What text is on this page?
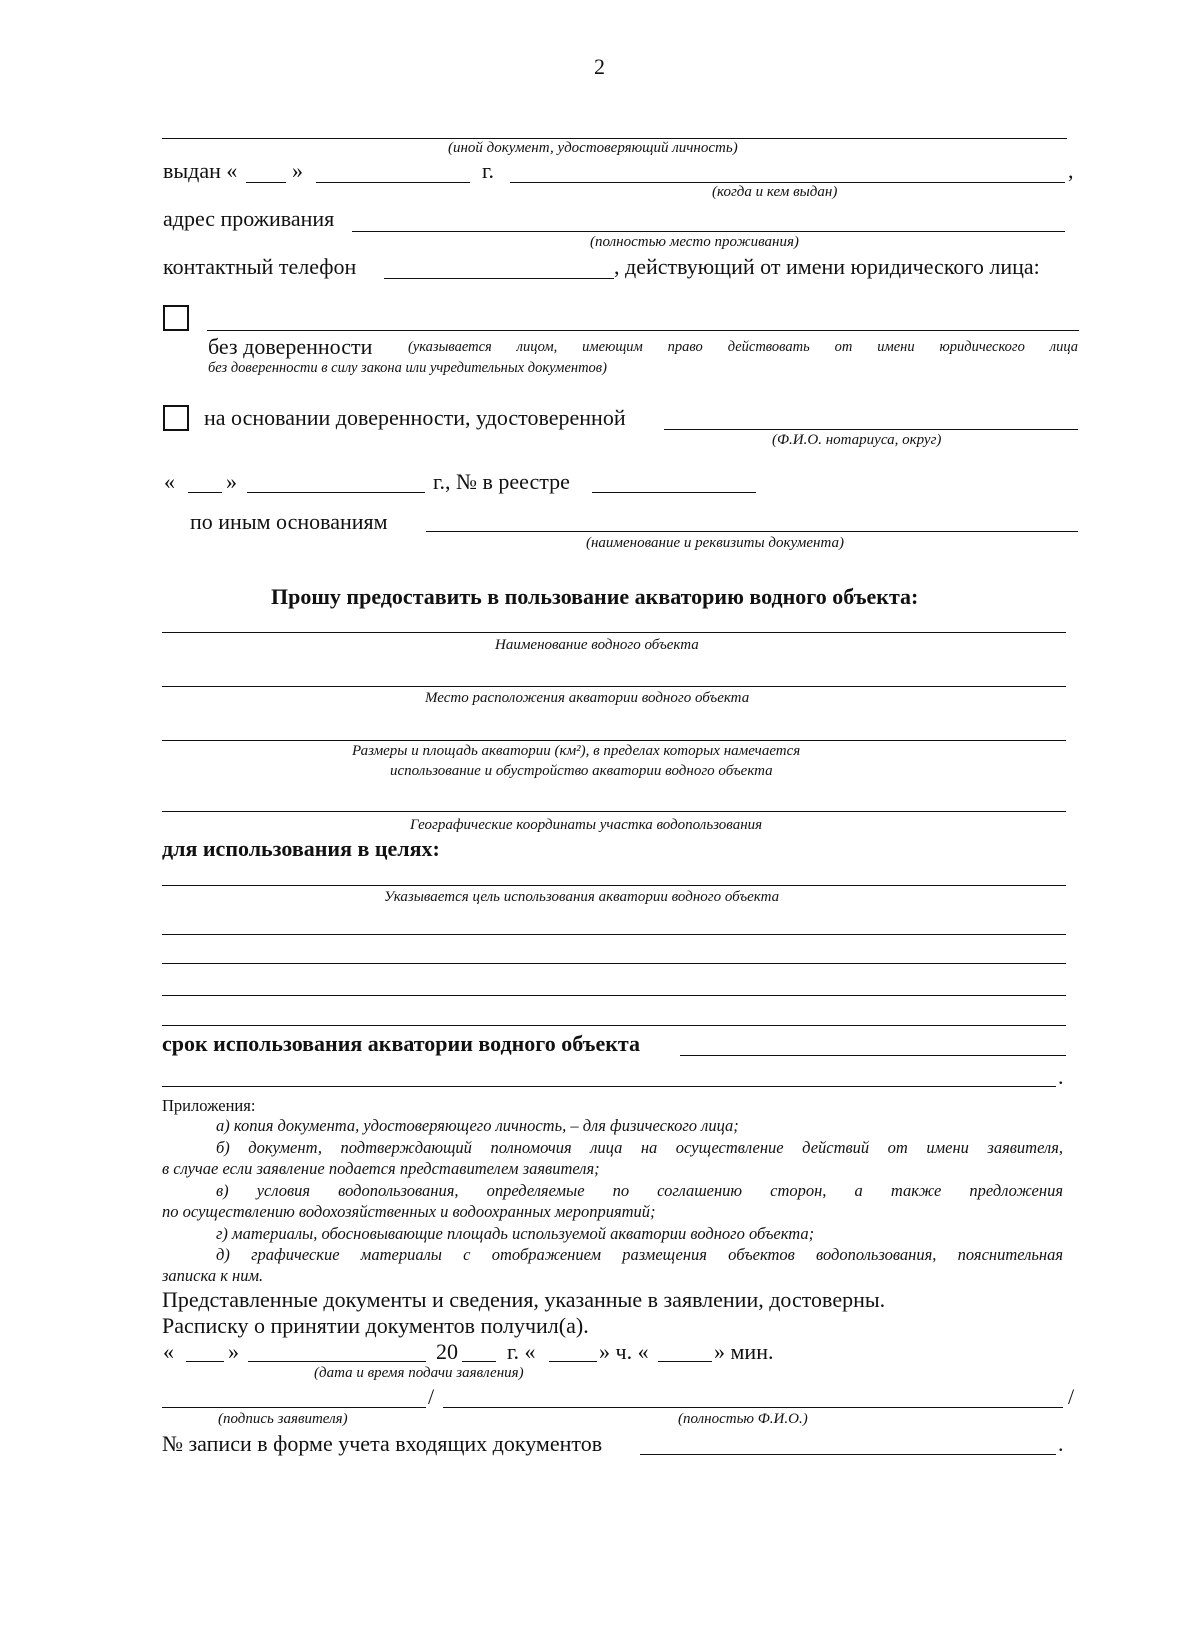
2
(иной документ, удостоверяющий личность)
выдан « »	г.	,
(когда и кем выдан)
адрес проживания
(полностью место проживания)
контактный телефон	, действующий от имени юридического лица:
без доверенности (указывается лицом, имеющим право действовать от имени юридического лица
без доверенности в силу закона или учредительных документов)
на основании доверенности, удостоверенной
(Ф.И.О. нотариуса, округ)
« »	г., № в реестре
по иным основаниям
(наименование и реквизиты документа)
Прошу предоставить в пользование акваторию водного объекта:
Наименование водного объекта
Место расположения акватории водного объекта
Размеры и площадь акватории (км²), в пределах которых намечается
использование и обустройство акватории водного объекта
Географические координаты участка водопользования
для использования в целях:
Указывается цель использования акватории водного объекта
срок использования акватории водного объекта
.
Приложения:
а) копия документа, удостоверяющего личность, – для физического лица;
б) документ, подтверждающий полномочия лица на осуществление действий от имени заявителя,
в случае если заявление подается представителем заявителя;
в) условия водопользования, определяемые по соглашению сторон, а также предложения
по осуществлению водохозяйственных и водоохранных мероприятий;
г) материалы, обосновывающие площадь используемой акватории водного объекта;
д) графические материалы с отображением размещения объектов водопользования, пояснительная
записка к ним.
Представленные документы и сведения, указанные в заявлении, достоверны.
Расписку о принятии документов получил(а).
« »	20 г. «	» ч. «	» мин.
(дата и время подачи заявления)
/	/
(подпись заявителя)	(полностью Ф.И.О.)
№ записи в форме учета входящих документов	.
